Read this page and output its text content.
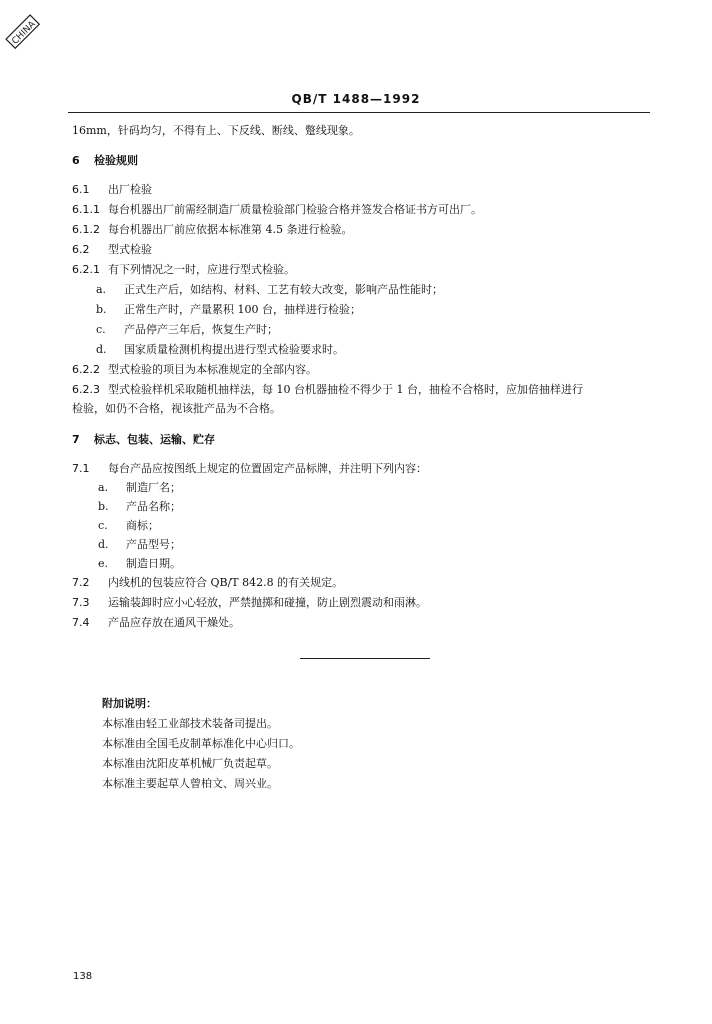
CHINA
QB/T 1488—1992
16mm，针码均匀，不得有上、下反线、断线、蹩线现象。
6 检验规则
6.1 出厂检验
6.1.1 每台机器出厂前需经制造厂质量检验部门检验合格并签发合格证书方可出厂。
6.1.2 每台机器出厂前应依据本标准第 4.5 条进行检验。
6.2 型式检验
6.2.1 有下列情况之一时，应进行型式检验。
a. 正式生产后，如结构、材料、工艺有较大改变，影响产品性能时；
b. 正常生产时，产量累积 100 台，抽样进行检验；
c. 产品停产三年后，恢复生产时；
d. 国家质量检测机构提出进行型式检验要求时。
6.2.2 型式检验的项目为本标准规定的全部内容。
6.2.3 型式检验样机采取随机抽样法，每 10 台机器抽检不得少于 1 台，抽检不合格时，应加倍抽样进行
检验，如仍不合格，视该批产品为不合格。
7 标志、包装、运输、贮存
7.1 每台产品应按图纸上规定的位置固定产品标牌，并注明下列内容：
a. 制造厂名；
b. 产品名称；
c. 商标；
d. 产品型号；
e. 制造日期。
7.2 内线机的包装应符合 QB/T 842.8 的有关规定。
7.3 运输装卸时应小心轻放，严禁抛掷和碰撞，防止剧烈震动和雨淋。
7.4 产品应存放在通风干燥处。
附加说明：
本标准由轻工业部技术装备司提出。
本标准由全国毛皮制革标准化中心归口。
本标准由沈阳皮革机械厂负责起草。
本标准主要起草人曾柏文、周兴业。
138
